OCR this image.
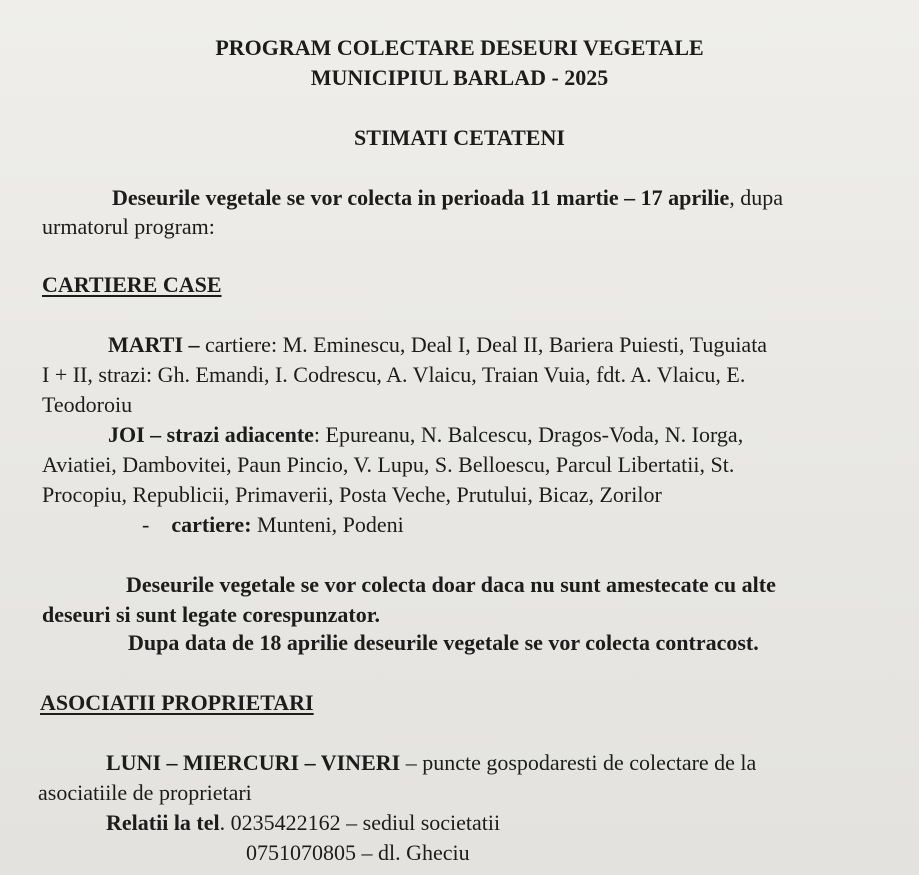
PROGRAM COLECTARE DESEURI VEGETALE
MUNICIPIUL BARLAD - 2025
STIMATI CETATENI
Deseurile vegetale se vor colecta in perioada 11 martie – 17 aprilie, dupa
urmatorul program:
CARTIERE CASE
MARTI – cartiere: M. Eminescu, Deal I, Deal II, Bariera Puiesti, Tuguiata
I + II, strazi: Gh. Emandi, I. Codrescu, A. Vlaicu, Traian Vuia, fdt. A. Vlaicu, E.
Teodoroiu
JOI – strazi adiacente: Epureanu, N. Balcescu, Dragos-Voda, N. Iorga,
Aviatiei, Dambovitei, Paun Pincio, V. Lupu, S. Belloescu, Parcul Libertatii, St.
Procopiu, Republicii, Primaverii, Posta Veche, Prutului, Bicaz, Zorilor
- cartiere: Munteni, Podeni
Deseurile vegetale se vor colecta doar daca nu sunt amestecate cu alte
deseuri si sunt legate corespunzator.
Dupa data de 18 aprilie deseurile vegetale se vor colecta contracost.
ASOCIATII PROPRIETARI
LUNI – MIERCURI – VINERI – puncte gospodaresti de colectare de la
asociatiile de proprietari
Relatii la tel. 0235422162 – sediul societatii
0751070805 – dl. Gheciu
